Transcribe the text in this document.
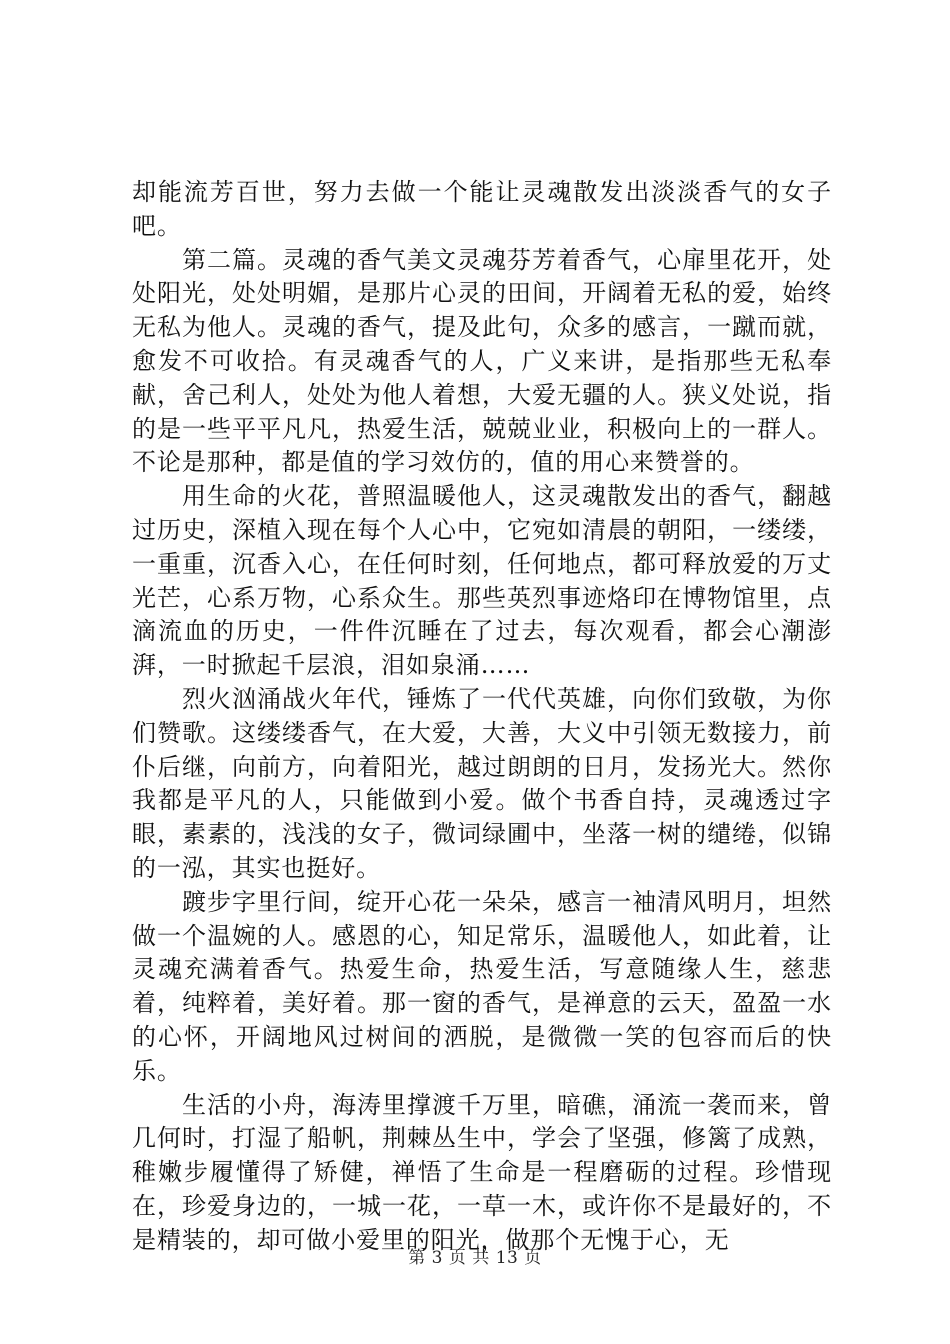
却能流芳百世，努力去做一个能让灵魂散发出淡淡香气的女子吧。

第二篇。灵魂的香气美文灵魂芬芳着香气，心扉里花开，处处阳光，处处明媚，是那片心灵的田间，开阔着无私的爱，始终无私为他人。灵魂的香气，提及此句，众多的感言，一蹴而就，愈发不可收拾。有灵魂香气的人，广义来讲，是指那些无私奉献，舍己利人，处处为他人着想，大爱无疆的人。狭义处说，指的是一些平平凡凡，热爱生活，兢兢业业，积极向上的一群人。不论是那种，都是值的学习效仿的，值的用心来赞誉的。

用生命的火花，普照温暖他人，这灵魂散发出的香气，翻越过历史，深植入现在每个人心中，它宛如清晨的朝阳，一缕缕，一重重，沉香入心，在任何时刻，任何地点，都可释放爱的万丈光芒，心系万物，心系众生。那些英烈事迹烙印在博物馆里，点滴流血的历史，一件件沉睡在了过去，每次观看，都会心潮澎湃，一时掀起千层浪，泪如泉涌……

烈火汹涌战火年代，锤炼了一代代英雄，向你们致敬，为你们赞歌。这缕缕香气，在大爱，大善，大义中引领无数接力，前仆后继，向前方，向着阳光，越过朗朗的日月，发扬光大。然你我都是平凡的人，只能做到小爱。做个书香自持，灵魂透过字眼，素素的，浅浅的女子，微词绿圃中，坐落一树的缱绻，似锦的一泓，其实也挺好。

踱步字里行间，绽开心花一朵朵，感言一袖清风明月，坦然做一个温婉的人。感恩的心，知足常乐，温暖他人，如此着，让灵魂充满着香气。热爱生命，热爱生活，写意随缘人生，慈悲着，纯粹着，美好着。那一窗的香气，是禅意的云天，盈盈一水的心怀，开阔地风过树间的洒脱，是微微一笑的包容而后的快乐。

生活的小舟，海涛里撑渡千万里，暗礁，涌流一袭而来，曾几何时，打湿了船帆，荆棘丛生中，学会了坚强，修篱了成熟，稚嫩步履懂得了矫健，禅悟了生命是一程磨砺的过程。珍惜现在，珍爱身边的，一城一花，一草一木，或许你不是最好的，不是精装的，却可做小爱里的阳光，做那个无愧于心，无

第 3 页 共 13 页
